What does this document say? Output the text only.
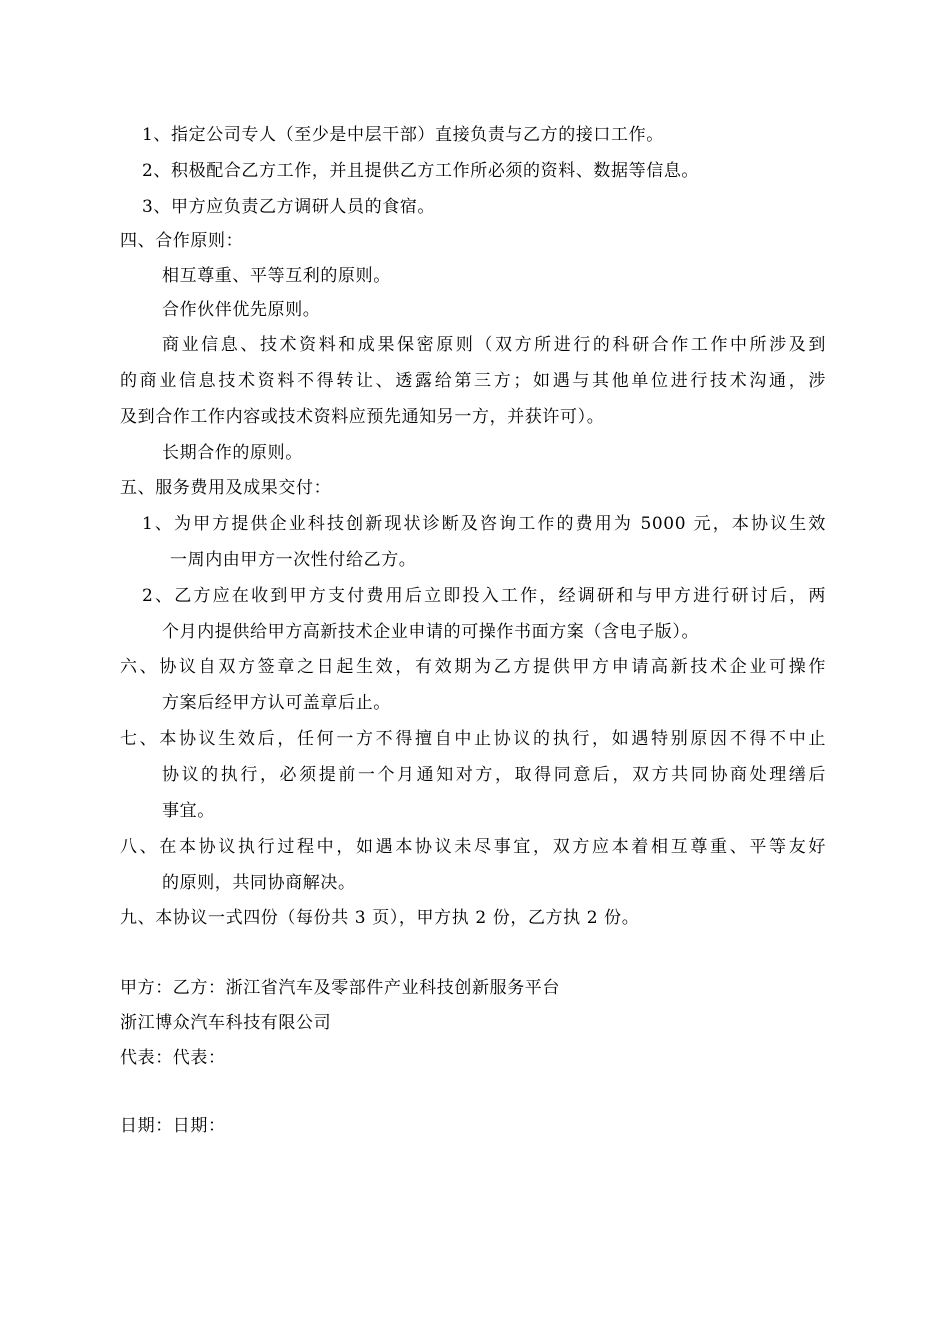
1、指定公司专人（至少是中层干部）直接负责与乙方的接口工作。
2、积极配合乙方工作，并且提供乙方工作所必须的资料、数据等信息。
3、甲方应负责乙方调研人员的食宿。
四、合作原则：
相互尊重、平等互利的原则。
合作伙伴优先原则。
商业信息、技术资料和成果保密原则（双方所进行的科研合作工作中所涉及到
的商业信息技术资料不得转让、透露给第三方；如遇与其他单位进行技术沟通，涉
及到合作工作内容或技术资料应预先通知另一方，并获许可）。
长期合作的原则。
五、服务费用及成果交付：
1、为甲方提供企业科技创新现状诊断及咨询工作的费用为 5000 元，本协议生效
一周内由甲方一次性付给乙方。
2、乙方应在收到甲方支付费用后立即投入工作，经调研和与甲方进行研讨后，两
个月内提供给甲方高新技术企业申请的可操作书面方案（含电子版）。
六、协议自双方签章之日起生效，有效期为乙方提供甲方申请高新技术企业可操作
方案后经甲方认可盖章后止。
七、本协议生效后，任何一方不得擅自中止协议的执行，如遇特别原因不得不中止
协议的执行，必须提前一个月通知对方，取得同意后，双方共同协商处理缮后
事宜。
八、在本协议执行过程中，如遇本协议未尽事宜，双方应本着相互尊重、平等友好
的原则，共同协商解决。
九、本协议一式四份（每份共 3 页），甲方执 2 份，乙方执 2 份。
甲方：乙方：浙江省汽车及零部件产业科技创新服务平台
浙江博众汽车科技有限公司
代表：代表：
日期：日期：
